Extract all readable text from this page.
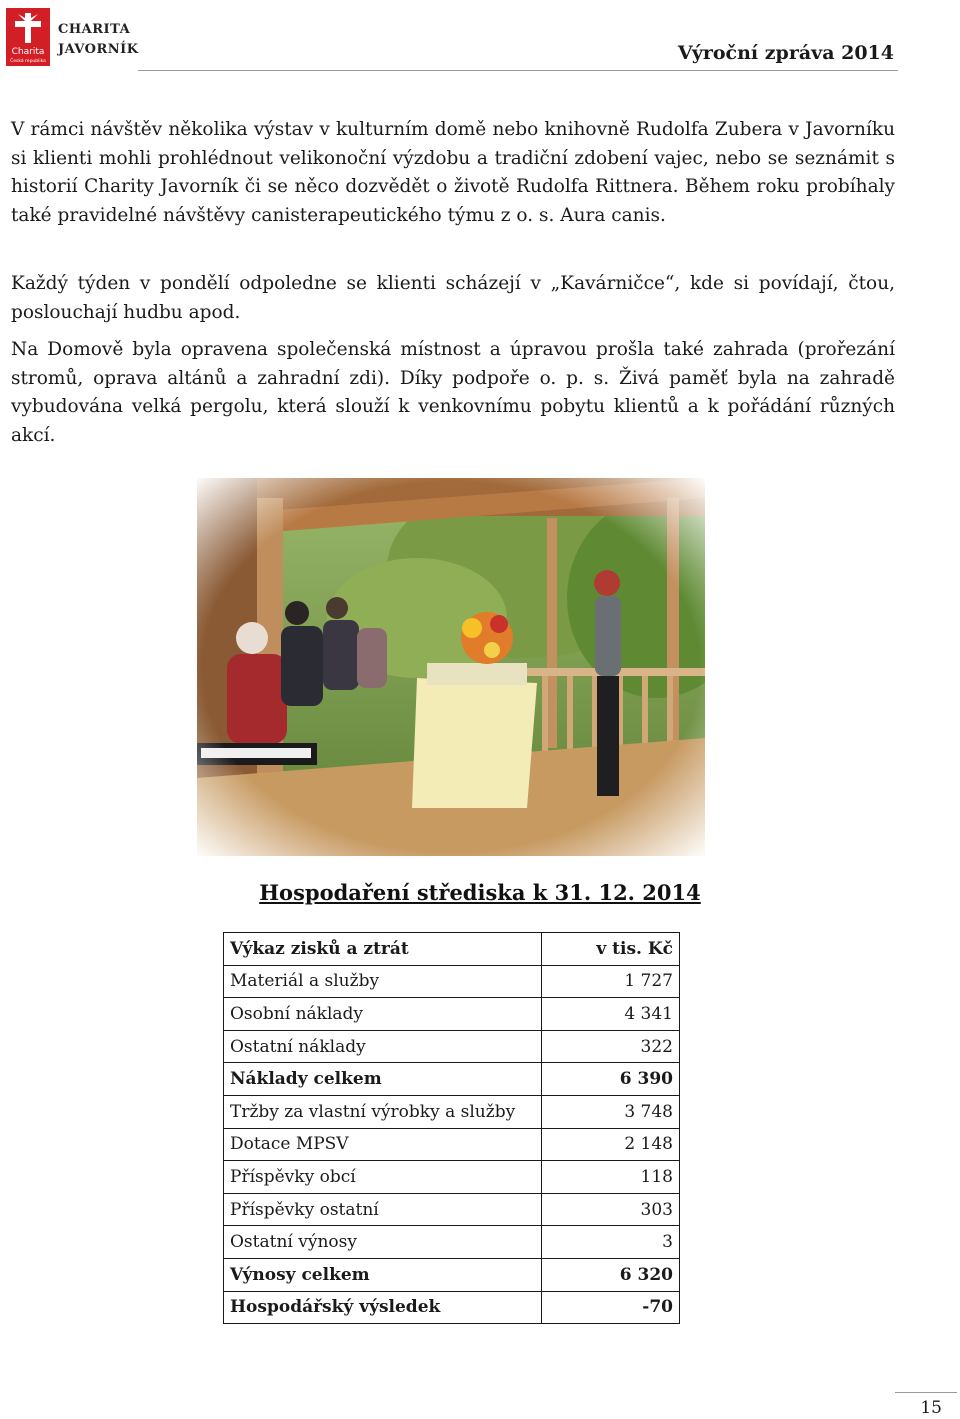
Charita
Česká republika
CHARITA
JAVORNÍK	Výroční zpráva 2014

V rámci návštěv několika výstav v kulturním domě nebo knihovně Rudolfa Zubera v Javorníku si klienti mohli prohlédnout velikonoční výzdobu a tradiční zdobení vajec, nebo se seznámit s historií Charity Javorník či se něco dozvědět o životě Rudolfa Rittnera. Během roku probíhaly také pravidelné návštěvy canisterapeutického týmu z o. s. Aura canis.

Každý týden v pondělí odpoledne se klienti scházejí v „Kavárničce“, kde si povídají, čtou, poslouchají hudbu apod.

Na Domově byla opravena společenská místnost a úpravou prošla také zahrada (prořezání stromů, oprava altánů a zahradní zdi). Díky podpoře o. p. s. Živá paměť byla na zahradě vybudována velká pergolu, která slouží k venkovnímu pobytu klientů a k pořádání různých akcí.

Hospodaření střediska k 31. 12. 2014
Výkaz zisků a ztrát	v tis. Kč
Materiál a služby	1 727
Osobní náklady	4 341
Ostatní náklady	322
Náklady celkem	6 390
Tržby za vlastní výrobky a služby	3 748
Dotace MPSV	2 148
Příspěvky obcí	118
Příspěvky ostatní	303
Ostatní výnosy	3
Výnosy celkem	6 320
Hospodářský výsledek	-70
15
